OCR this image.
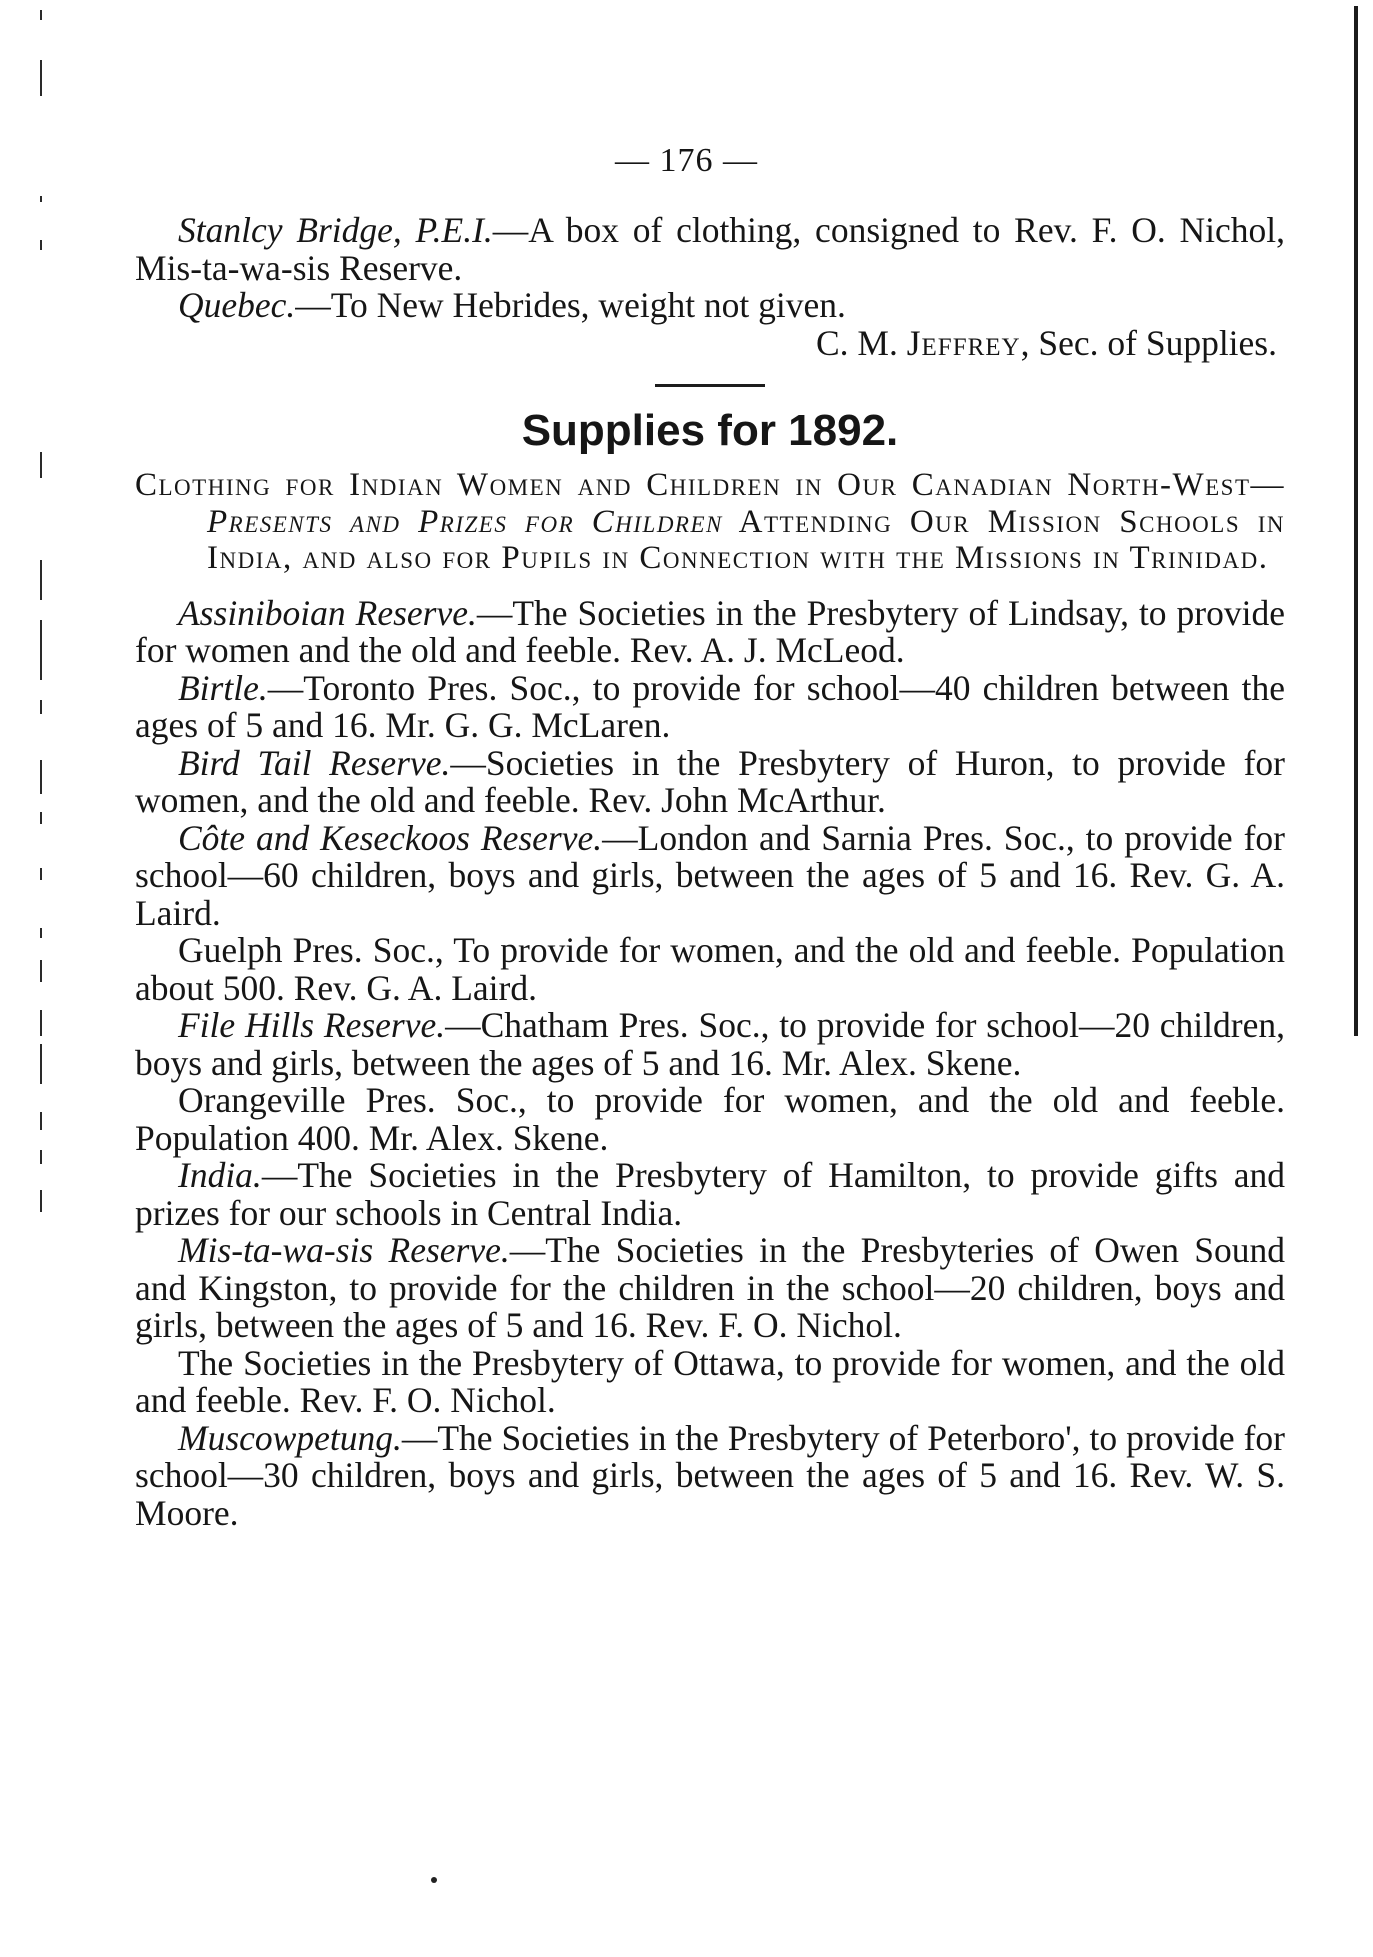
— 176 —

Stanlcy Bridge, P.E.I.—A box of clothing, consigned to Rev. F. O. Nichol, Mis-ta-wa-sis Reserve.

Quebec.—To New Hebrides, weight not given.

C. M. Jeffrey, Sec. of Supplies.

Supplies for 1892.

Clothing for Indian Women and Children in Our Canadian North-West—Presents and Prizes for Children Attending Our Mission Schools in India, and also for Pupils in Connection with the Missions in Trinidad.

Assiniboian Reserve.—The Societies in the Presbytery of Lindsay, to provide for women and the old and feeble. Rev. A. J. McLeod.

Birtle.—Toronto Pres. Soc., to provide for school—40 children between the ages of 5 and 16. Mr. G. G. McLaren.

Bird Tail Reserve.—Societies in the Presbytery of Huron, to provide for women, and the old and feeble. Rev. John McArthur.

Côte and Keseckoos Reserve.—London and Sarnia Pres. Soc., to provide for school—60 children, boys and girls, between the ages of 5 and 16. Rev. G. A. Laird.

Guelph Pres. Soc., To provide for women, and the old and feeble. Population about 500. Rev. G. A. Laird.

File Hills Reserve.—Chatham Pres. Soc., to provide for school—20 children, boys and girls, between the ages of 5 and 16. Mr. Alex. Skene.

Orangeville Pres. Soc., to provide for women, and the old and feeble. Population 400. Mr. Alex. Skene.

India.—The Societies in the Presbytery of Hamilton, to provide gifts and prizes for our schools in Central India.

Mis-ta-wa-sis Reserve.—The Societies in the Presbyteries of Owen Sound and Kingston, to provide for the children in the school—20 children, boys and girls, between the ages of 5 and 16. Rev. F. O. Nichol.

The Societies in the Presbytery of Ottawa, to provide for women, and the old and feeble. Rev. F. O. Nichol.

Muscowpetung.—The Societies in the Presbytery of Peterboro', to provide for school—30 children, boys and girls, between the ages of 5 and 16. Rev. W. S. Moore.
